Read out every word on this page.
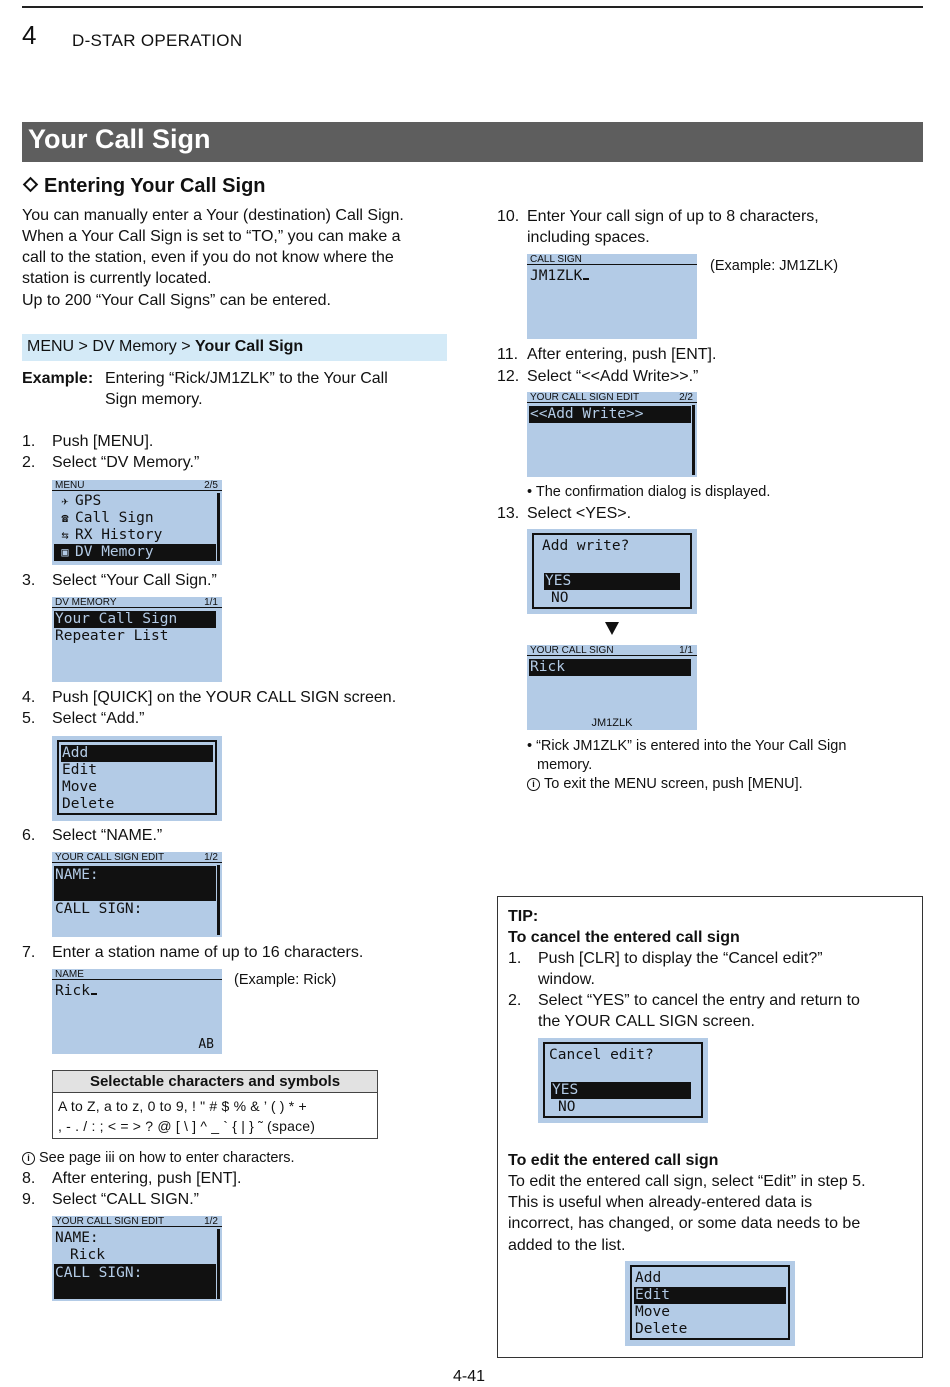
4 D-STAR OPERATION
Your Call Sign
Entering Your Call Sign
You can manually enter a Your (destination) Call Sign.
When a Your Call Sign is set to “TO,” you can make a
call to the station, even if you do not know where the
station is currently located.
Up to 200 “Your Call Signs” can be entered.
MENU > DV Memory > Your Call Sign
Example: Entering “Rick/JM1ZLK” to the Your Call
Sign memory.
1. Push [MENU].
2. Select “DV Memory.”
MENU	2/5
✈ GPS
☎ Call Sign
⇆ RX History
▣ DV Memory
3. Select “Your Call Sign.”
DV MEMORY	1/1
Your Call Sign
Repeater List
4. Push [QUICK] on the YOUR CALL SIGN screen.
5. Select “Add.”
Add
Edit
Move
Delete
6. Select “NAME.”
YOUR CALL SIGN EDIT	1/2
NAME:
CALL SIGN:
7. Enter a station name of up to 16 characters.
NAME
Rick
AB
(Example: Rick)
Selectable characters and symbols
A to Z, a to z, 0 to 9, ! " # $ % & ’ ( ) * +
, - . / : ; < = > ? @ [ \ ] ^ _ ` { | } ˜ (space)
i See page iii on how to enter characters.
8. After entering, push [ENT].
9. Select “CALL SIGN.”
YOUR CALL SIGN EDIT	1/2
NAME:
Rick
CALL SIGN:
10. Enter Your call sign of up to 8 characters,
including spaces.
CALL SIGN
JM1ZLK
(Example: JM1ZLK)
11. After entering, push [ENT].
12. Select “<<Add Write>>.”
YOUR CALL SIGN EDIT	2/2
<<Add Write>>
• The confirmation dialog is displayed.
13. Select <YES>.
Add write?
YES
NO
YOUR CALL SIGN	1/1
Rick
JM1ZLK
• “Rick JM1ZLK” is entered into the Your Call Sign
memory.
i To exit the MENU screen, push [MENU].
TIP:
To cancel the entered call sign
1. Push [CLR] to display the “Cancel edit?”
window.
2. Select “YES” to cancel the entry and return to
the YOUR CALL SIGN screen.
Cancel edit?
YES
NO
To edit the entered call sign
To edit the entered call sign, select “Edit” in step 5.
This is useful when already-entered data is
incorrect, has changed, or some data needs to be
added to the list.
Add
Edit
Move
Delete
4-41
